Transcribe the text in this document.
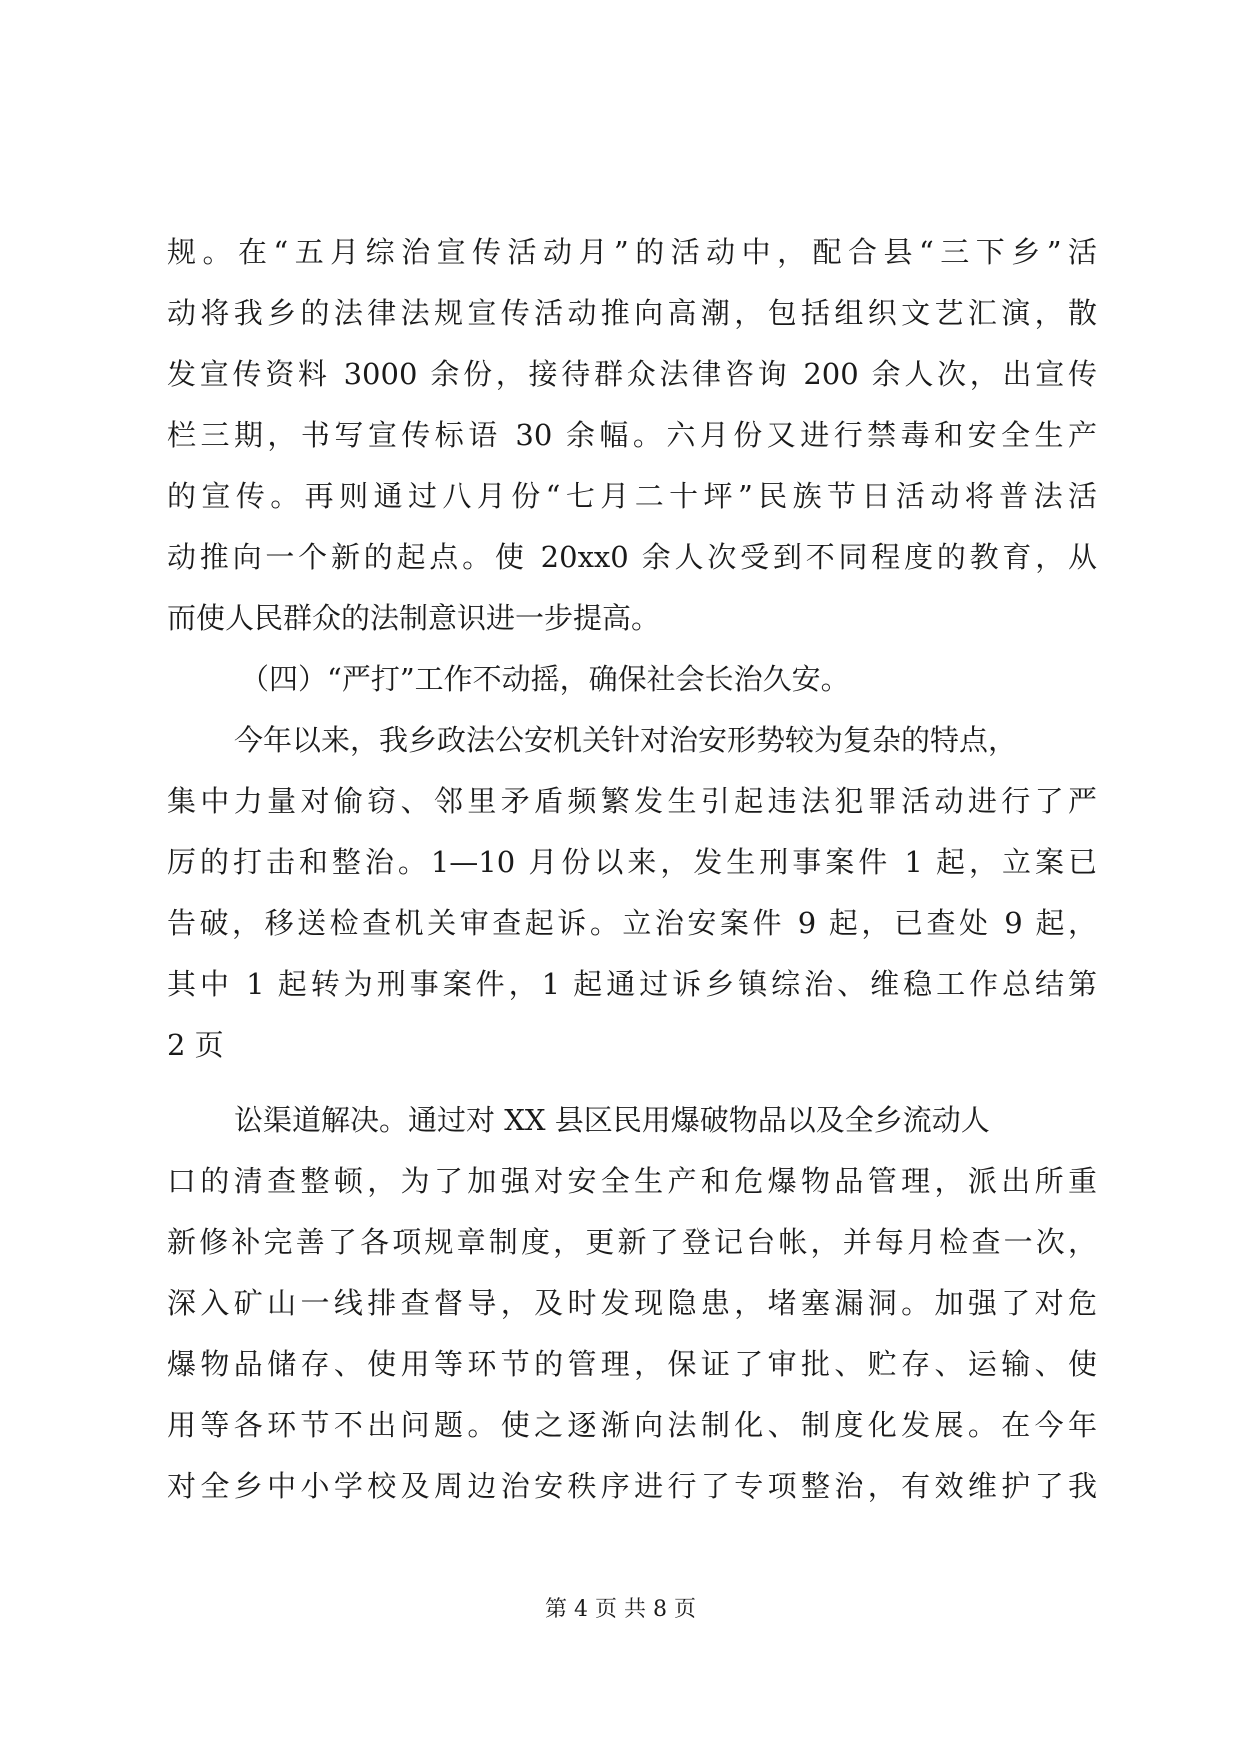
规。在“五月综治宣传活动月”的活动中，配合县“三下乡”活
动将我乡的法律法规宣传活动推向高潮，包括组织文艺汇演，散
发宣传资料 3000 余份，接待群众法律咨询 200 余人次，出宣传
栏三期，书写宣传标语 30 余幅。六月份又进行禁毒和安全生产
的宣传。再则通过八月份“七月二十坪”民族节日活动将普法活
动推向一个新的起点。使 20xx0 余人次受到不同程度的教育，从
而使人民群众的法制意识进一步提高。
（四）“严打”工作不动摇，确保社会长治久安。
今年以来，我乡政法公安机关针对治安形势较为复杂的特点，
集中力量对偷窃、邻里矛盾频繁发生引起违法犯罪活动进行了严
厉的打击和整治。1—10 月份以来，发生刑事案件 1 起，立案已
告破，移送检查机关审查起诉。立治安案件 9 起，已查处 9 起，
其中 1 起转为刑事案件，1 起通过诉乡镇综治、维稳工作总结第
2 页
讼渠道解决。通过对 XX 县区民用爆破物品以及全乡流动人
口的清查整顿，为了加强对安全生产和危爆物品管理，派出所重
新修补完善了各项规章制度，更新了登记台帐，并每月检查一次，
深入矿山一线排查督导，及时发现隐患，堵塞漏洞。加强了对危
爆物品储存、使用等环节的管理，保证了审批、贮存、运输、使
用等各环节不出问题。使之逐渐向法制化、制度化发展。在今年
对全乡中小学校及周边治安秩序进行了专项整治，有效维护了我
第 4 页 共 8 页
